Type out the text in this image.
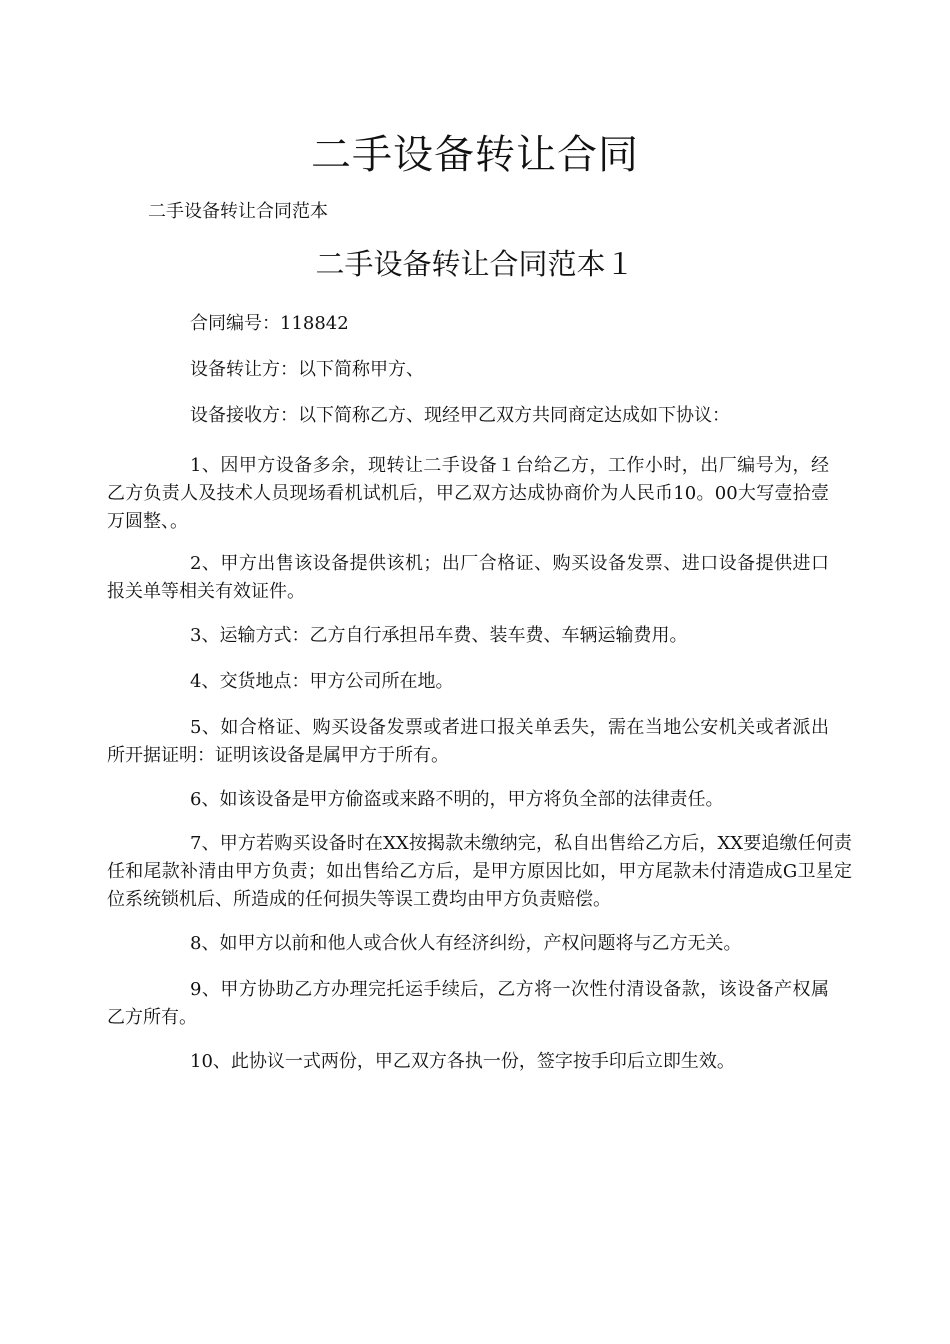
二手设备转让合同
二手设备转让合同范本
二手设备转让合同范本１
合同编号：118842
设备转让方：以下简称甲方、
设备接收方：以下简称乙方、现经甲乙双方共同商定达成如下协议：

1、因甲方设备多余，现转让二手设备１台给乙方，工作小时，出厂编号为，经乙方负责人及技术人员现场看机试机后，甲乙双方达成协商价为人民币10。00大写壹拾壹万圆整、。

2、甲方出售该设备提供该机；出厂合格证、购买设备发票、进口设备提供进口报关单等相关有效证件。

3、运输方式：乙方自行承担吊车费、装车费、车辆运输费用。

4、交货地点：甲方公司所在地。

5、如合格证、购买设备发票或者进口报关单丢失，需在当地公安机关或者派出所开据证明：证明该设备是属甲方于所有。

6、如该设备是甲方偷盗或来路不明的，甲方将负全部的法律责任。

7、甲方若购买设备时在XX按揭款未缴纳完，私自出售给乙方后，XX要追缴任何责任和尾款补清由甲方负责；如出售给乙方后，是甲方原因比如，甲方尾款未付清造成G卫星定位系统锁机后、所造成的任何损失等误工费均由甲方负责赔偿。

8、如甲方以前和他人或合伙人有经济纠纷，产权问题将与乙方无关。

9、甲方协助乙方办理完托运手续后，乙方将一次性付清设备款，该设备产权属乙方所有。

10、此协议一式两份，甲乙双方各执一份，签字按手印后立即生效。
